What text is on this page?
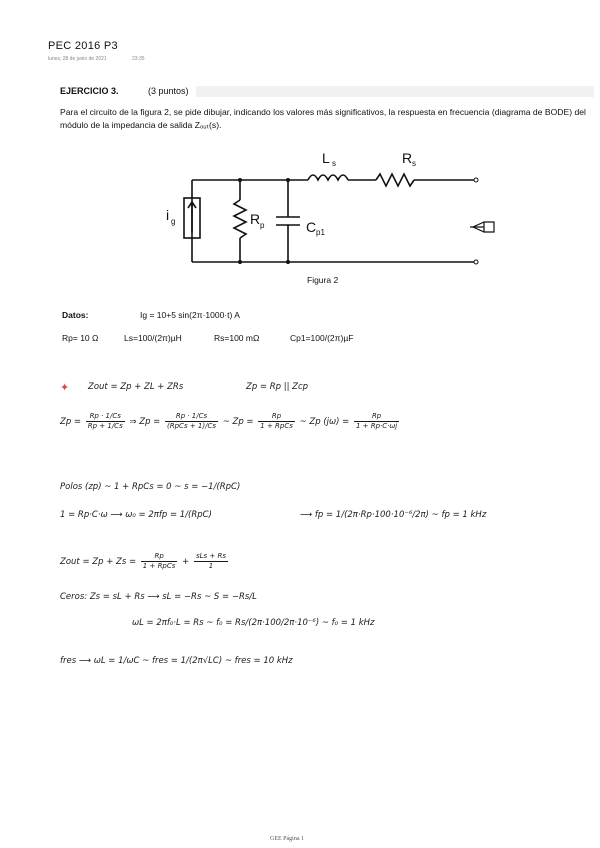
PEC 2016 P3
lunes, 28 de junio de 2021	23:35
EJERCICIO 3.	(3 puntos)
Para el circuito de la figura 2, se pide dibujar, indicando los valores más significativos, la respuesta en frecuencia (diagrama de BODE) del módulo de la impedancia de salida Zₒᵤₜ(s).
L s	R s
i g	R p	C p1
Figura 2
Datos:	Ig = 10+5 sin(2π·1000·t) A
Rp= 10 Ω	Ls=100/(2π)µH	Rs=100 mΩ	Cp1=100/(2π)µF
✦ Zout = Zp + ZL + ZRs	Zp = Rp || Zcp
$Zp = \frac{Rp \cdot 1/Cs}{Rp + 1/Cs}$ ⇒ $Zp = \frac{Rp \cdot 1/Cs}{\text{(RpCs + 1)/Cs}}$ ~ $Zp = \frac{Rp}{\text{1 + RpCs}}$ ~ Zp $(j\omega) = \frac{Rp}{1 + Rp\cdot C\cdot\omega j}$
Polos (zp) ~ 1 + RpCs = 0 ~ s = −1/(RpC)
1 = Rp·C·ω ⟶ ω₀ = 2πfp = 1/(RpC)	⟶ fp = 1/(2π·Rp·100·10⁻⁶/2π) ~ fp = 1 kHz
Zout = $Zp + Zs = \frac{Rp}{\text{1 + RpCs}} + \frac{\text{sLs + Rs}}{1}$
Ceros: Zs = sL + Rs ⟶ sL = −Rs ~ S = −Rs/L
ωL = 2πf₀·L = Rs ~ f₀ = Rs/(2π·100/2π·10⁻⁶) ~ f₀ = 1 kHz
fres ⟶ ωL = 1/ωC ~ fres = 1/(2π√LC) ~ fres = 10 kHz
GEE Página 1
